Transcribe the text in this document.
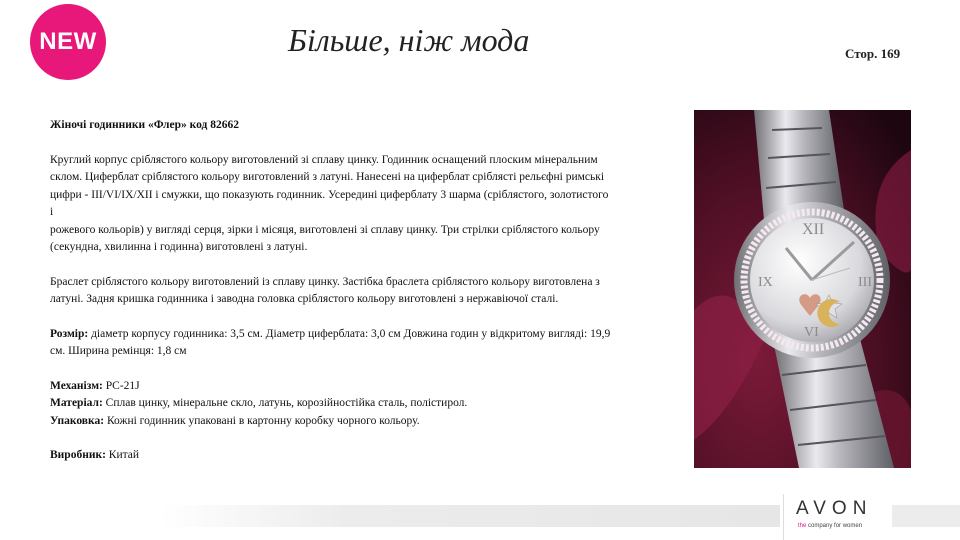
NEW	Більше, ніж мода	Стор. 169

Жіночі годинники «Флер» код 82662

Круглий корпус сріблястого кольору виготовлений зі сплаву цинку. Годинник оснащений плоским мінеральним
склом. Циферблат сріблястого кольору виготовлений з латуні. Нанесені на циферблат сріблясті рельєфні римські
цифри - III/VI/IX/XII і смужки, що показують годинник. Усередині циферблату 3 шарма (сріблястого, золотистого
і
рожевого кольорів) у вигляді серця, зірки і місяця, виготовлені зі сплаву цинку. Три стрілки сріблястого кольору
(секундна, хвилинна і годинна) виготовлені з латуні.

Браслет сріблястого кольору виготовлений із сплаву цинку. Застібка браслета сріблястого кольору виготовлена з
латуні. Задня кришка годинника і заводна головка сріблястого кольору виготовлені з нержавіючої сталі.

Розмір: діаметр корпусу годинника: 3,5 см. Діаметр циферблата: 3,0 см Довжина годин у відкритому вигляді: 19,9
см. Ширина ремінця: 1,8 см

Механізм: PC-21J

Матеріал: Сплав цинку, мінеральне скло, латунь, корозійностійка сталь, полістирол.

Упаковка: Кожні годинник упаковані в картонну коробку чорного кольору.

Виробник: Китай

XII
III
VI
IX
AVON
the company for women
